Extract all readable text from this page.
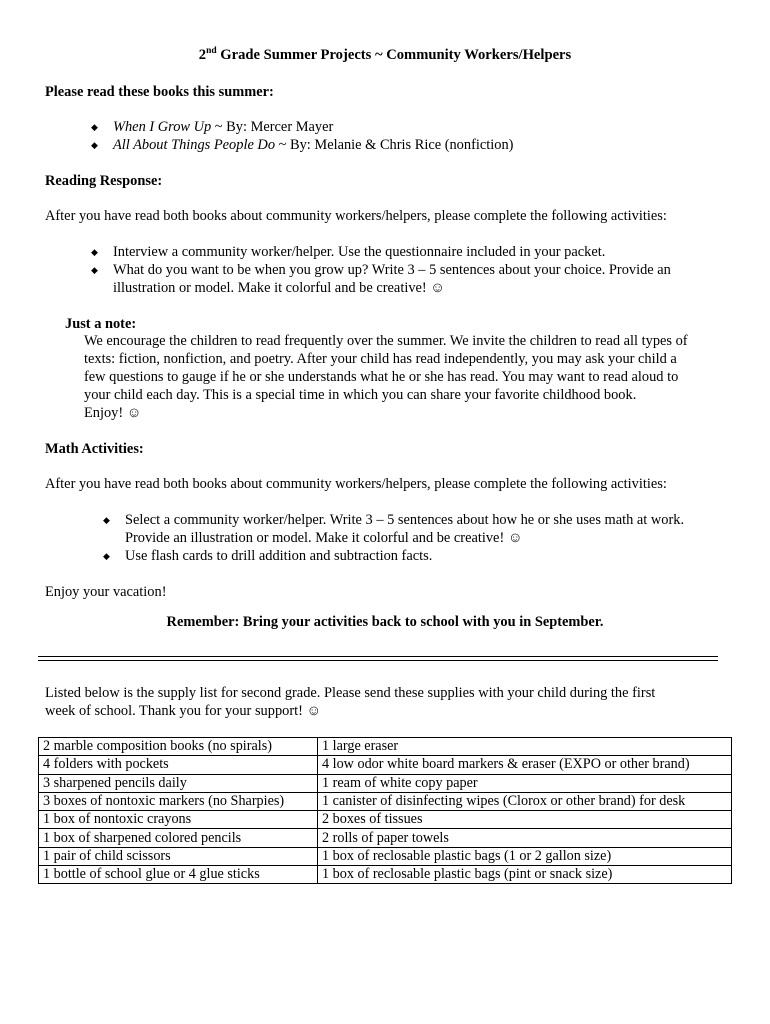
2nd Grade Summer Projects ~ Community Workers/Helpers
Please read these books this summer:
◆ When I Grow Up ~ By: Mercer Mayer
◆ All About Things People Do ~ By: Melanie & Chris Rice (nonfiction)
Reading Response:
After you have read both books about community workers/helpers, please complete the following activities:
◆ Interview a community worker/helper. Use the questionnaire included in your packet.
◆ What do you want to be when you grow up? Write 3 – 5 sentences about your choice. Provide an
illustration or model. Make it colorful and be creative! ☺
Just a note:
We encourage the children to read frequently over the summer. We invite the children to read all types of
texts: fiction, nonfiction, and poetry. After your child has read independently, you may ask your child a
few questions to gauge if he or she understands what he or she has read. You may want to read aloud to
your child each day. This is a special time in which you can share your favorite childhood book.
Enjoy! ☺
Math Activities:
After you have read both books about community workers/helpers, please complete the following activities:
◆ Select a community worker/helper. Write 3 – 5 sentences about how he or she uses math at work.
Provide an illustration or model. Make it colorful and be creative! ☺
◆ Use flash cards to drill addition and subtraction facts.
Enjoy your vacation!
Remember: Bring your activities back to school with you in September.
Listed below is the supply list for second grade. Please send these supplies with your child during the first
week of school. Thank you for your support! ☺
2 marble composition books (no spirals)	1 large eraser
4 folders with pockets	4 low odor white board markers & eraser (EXPO or other brand)
3 sharpened pencils daily	1 ream of white copy paper
3 boxes of nontoxic markers (no Sharpies)	1 canister of disinfecting wipes (Clorox or other brand) for desk
1 box of nontoxic crayons	2 boxes of tissues
1 box of sharpened colored pencils	2 rolls of paper towels
1 pair of child scissors	1 box of reclosable plastic bags (1 or 2 gallon size)
1 bottle of school glue or 4 glue sticks	1 box of reclosable plastic bags (pint or snack size)
